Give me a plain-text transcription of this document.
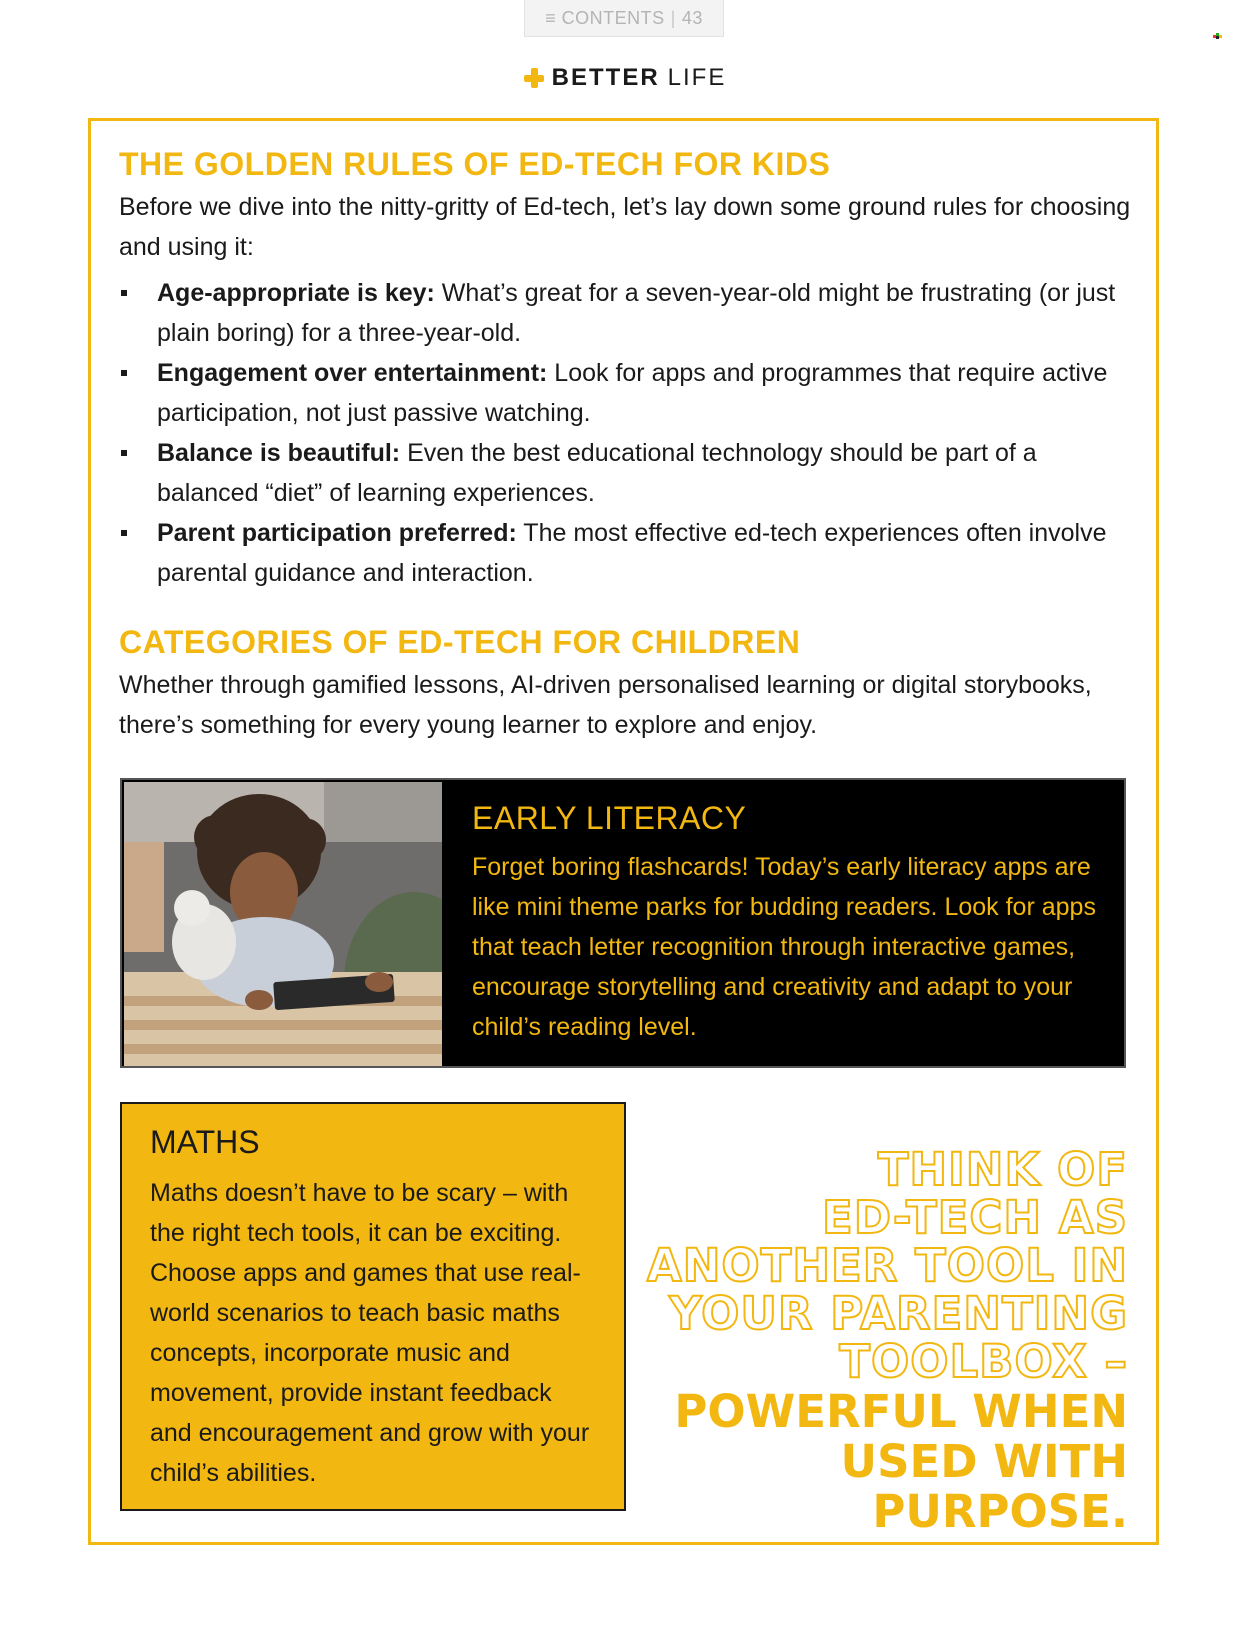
≡ CONTENTS | 43
BETTER LIFE
THE GOLDEN RULES OF ED-TECH FOR KIDS

Before we dive into the nitty-gritty of Ed-tech, let’s lay down some ground rules for choosing and using it:

Age-appropriate is key: What’s great for a seven-year-old might be frustrating (or just plain boring) for a three-year-old.
Engagement over entertainment: Look for apps and programmes that require active participation, not just passive watching.
Balance is beautiful: Even the best educational technology should be part of a balanced “diet” of learning experiences.
Parent participation preferred: The most effective ed-tech experiences often involve parental guidance and interaction.
CATEGORIES OF ED-TECH FOR CHILDREN

Whether through gamified lessons, AI-driven personalised learning or digital storybooks, there’s something for every young learner to explore and enjoy.

EARLY LITERACY
Forget boring flashcards! Today’s early literacy apps are like mini theme parks for budding readers. Look for apps that teach letter recognition through interactive games, encourage storytelling and creativity and adapt to your child’s reading level.
MATHS
Maths doesn’t have to be scary – with the right tech tools, it can be exciting. Choose apps and games that use real-world scenarios to teach basic maths concepts, incorporate music and movement, provide instant feedback and encouragement and grow with your child’s abilities.
THINK OF
ED-TECH AS
ANOTHER TOOL IN
YOUR PARENTING
TOOLBOX –
POWERFUL WHEN
USED WITH
PURPOSE.
